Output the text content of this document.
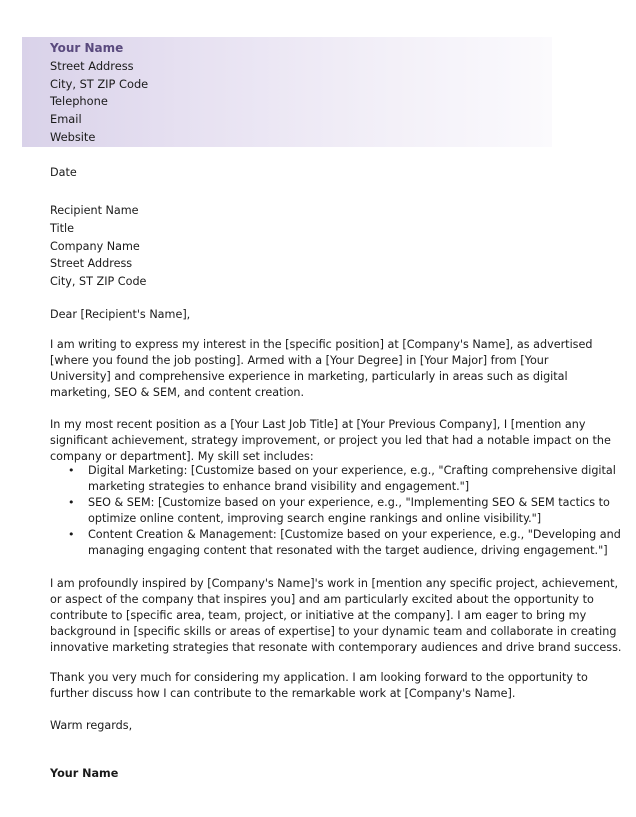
Your Name
Street Address
City, ST ZIP Code
Telephone
Email
Website
Date
Recipient Name
Title
Company Name
Street Address
City, ST ZIP Code
Dear [Recipient's Name],
I am writing to express my interest in the [specific position] at [Company's Name], as advertised
[where you found the job posting]. Armed with a [Your Degree] in [Your Major] from [Your
University] and comprehensive experience in marketing, particularly in areas such as digital
marketing, SEO & SEM, and content creation.
In my most recent position as a [Your Last Job Title] at [Your Previous Company], I [mention any
significant achievement, strategy improvement, or project you led that had a notable impact on the
company or department]. My skill set includes:
• Digital Marketing: [Customize based on your experience, e.g., "Crafting comprehensive digital
marketing strategies to enhance brand visibility and engagement."]
• SEO & SEM: [Customize based on your experience, e.g., "Implementing SEO & SEM tactics to
optimize online content, improving search engine rankings and online visibility."]
• Content Creation & Management: [Customize based on your experience, e.g., "Developing and
managing engaging content that resonated with the target audience, driving engagement."]
I am profoundly inspired by [Company's Name]'s work in [mention any specific project, achievement,
or aspect of the company that inspires you] and am particularly excited about the opportunity to
contribute to [specific area, team, project, or initiative at the company]. I am eager to bring my
background in [specific skills or areas of expertise] to your dynamic team and collaborate in creating
innovative marketing strategies that resonate with contemporary audiences and drive brand success.
Thank you very much for considering my application. I am looking forward to the opportunity to
further discuss how I can contribute to the remarkable work at [Company's Name].
Warm regards,
Your Name
